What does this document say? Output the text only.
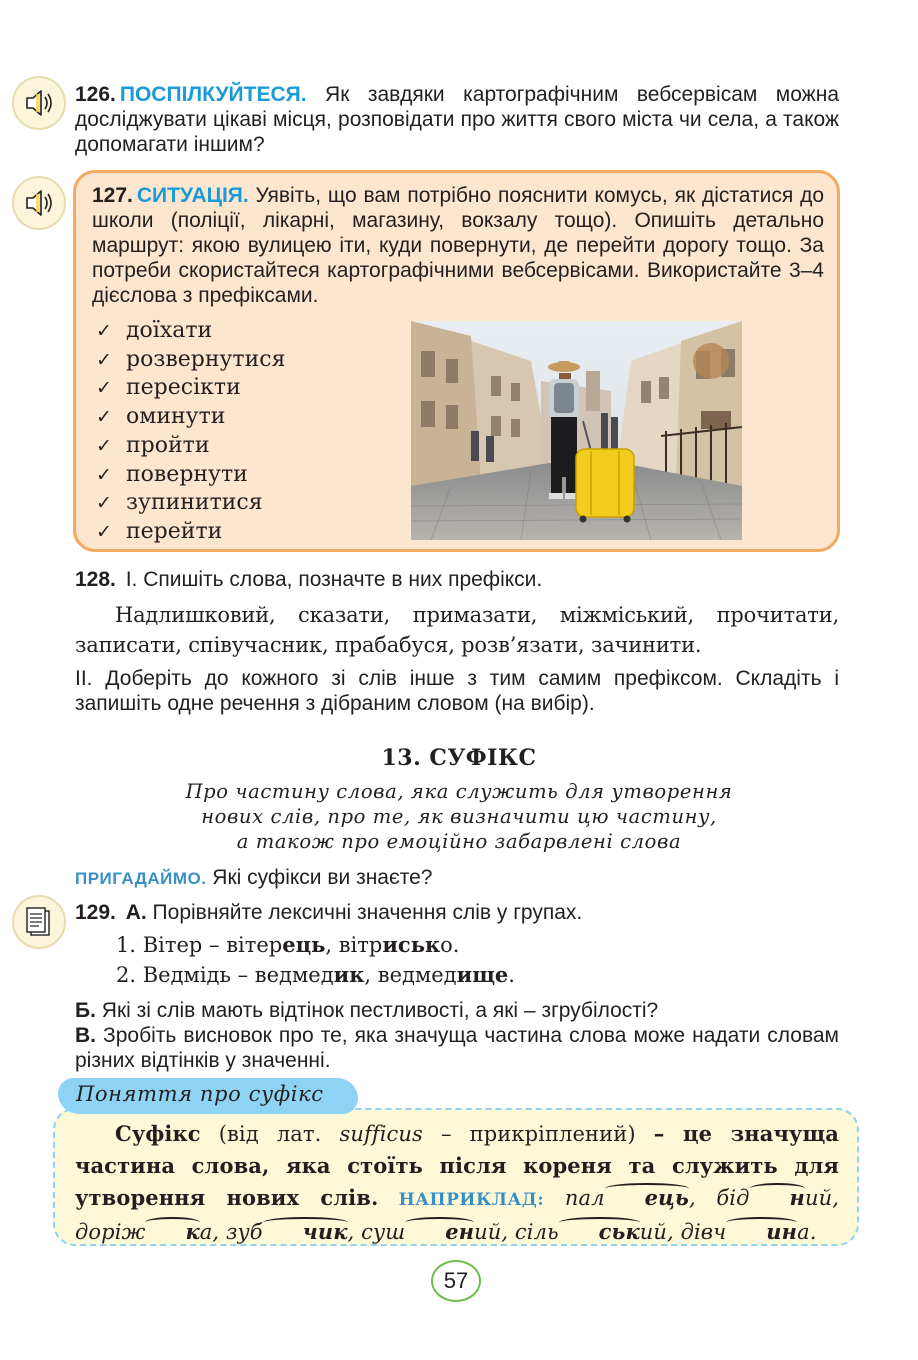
126. ПОСПІЛКУЙТЕСЯ. Як завдяки картографічним вебсервісам можна досліджувати цікаві місця, розповідати про життя свого міста чи села, а також допомагати іншим?

127. СИТУАЦІЯ. Уявіть, що вам потрібно пояснити комусь, як дістатися до школи (поліції, лікарні, магазину, вокзалу тощо). Опишіть детально маршрут: якою вулицею іти, куди повернути, де перейти дорогу тощо. За потреби скористайтеся картографічними вебсервісами. Використайте 3–4 дієслова з префіксами.

✓ доїхати
✓ розвернутися
✓ пересікти
✓ оминути
✓ пройти
✓ повернути
✓ зупинитися
✓ перейти

128. І. Спишіть слова, позначте в них префікси.

Надлишковий, сказати, примазати, міжміський, прочитати, записати, співучасник, прабабуся, розв’язати, зачинити.

ІІ. Доберіть до кожного зі слів інше з тим самим префіксом. Складіть і запишіть одне речення з дібраним словом (на вибір).

13. СУФІКС
Про частину слова, яка служить для утворення
нових слів, про те, як визначити цю частину,
а також про емоційно забарвлені слова

ПРИГАДАЙМО. Які суфікси ви знаєте?

129. А. Порівняйте лексичні значення слів у групах.

1. Вітер – вітерець, вітрисько.
2. Ведмідь – ведмедик, ведмедище.

Б. Які зі слів мають відтінок пестливості, а які – згрубілості?

В. Зробіть висновок про те, яка значуща частина слова може надати словам різних відтінків у значенні.

Суфікс (від лат. sufficus – прикріплений) – це значуща частина слова, яка стоїть після кореня та служить для утворення нових слів. НАПРИКЛАД: пал ець, бід ний, доріж ка, зуб чик, суш ений, сіль ський, дівч ина.

Поняття про суфікс
57
